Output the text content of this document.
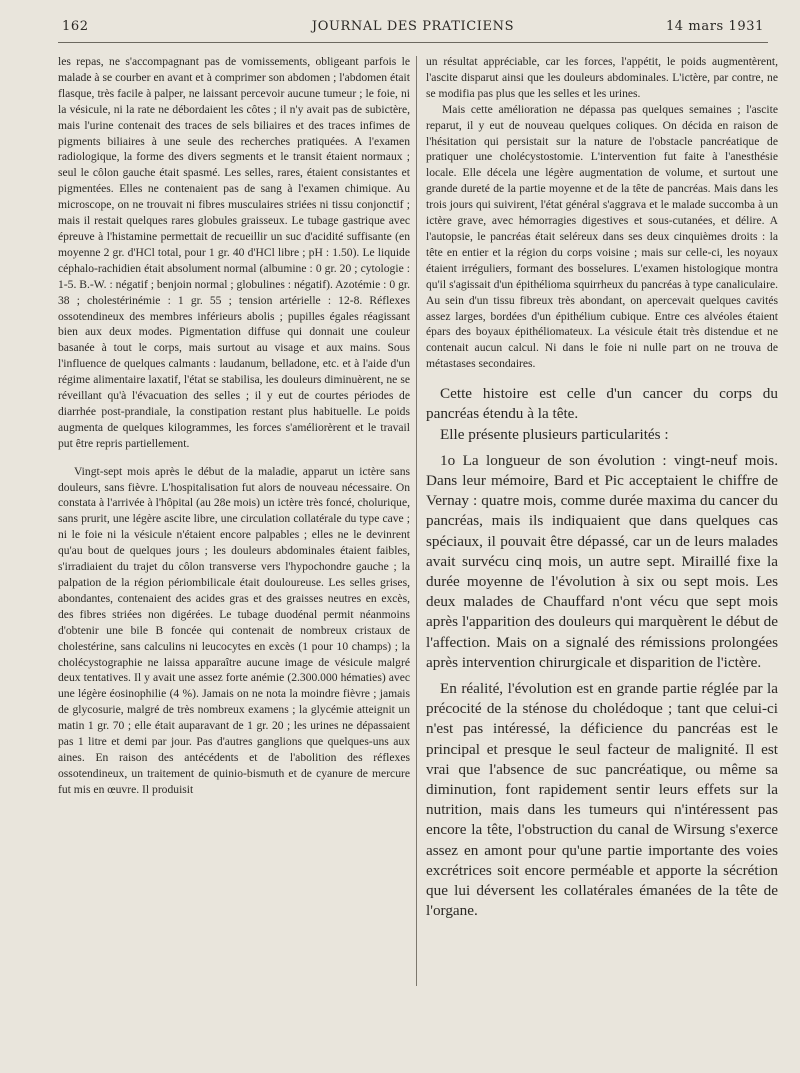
162	JOURNAL DES PRATICIENS	14 mars 1931

les repas, ne s'accompagnant pas de vomissements, obligeant parfois le malade à se courber en avant et à comprimer son abdomen ; l'abdomen était flasque, très facile à palper, ne laissant percevoir aucune tumeur ; le foie, ni la vésicule, ni la rate ne débordaient les côtes ; il n'y avait pas de subictère, mais l'urine contenait des traces de sels biliaires et des traces infimes de pigments biliaires à une seule des recherches pratiquées. A l'examen radiologique, la forme des divers segments et le transit étaient normaux ; seul le côlon gauche était spasmé. Les selles, rares, étaient consistantes et pigmentées. Elles ne contenaient pas de sang à l'examen chimique. Au microscope, on ne trouvait ni fibres musculaires striées ni tissu conjonctif ; mais il restait quelques rares globules graisseux. Le tubage gastrique avec épreuve à l'histamine permettait de recueillir un suc d'acidité suffisante (en moyenne 2 gr. d'HCl total, pour 1 gr. 40 d'HCl libre ; pH : 1.50). Le liquide céphalo-rachidien était absolument normal (albumine : 0 gr. 20 ; cytologie : 1-5. B.-W. : négatif ; benjoin normal ; globulines : négatif). Azotémie : 0 gr. 38 ; cholestérinémie : 1 gr. 55 ; tension artérielle : 12-8. Réflexes ossotendineux des membres inférieurs abolis ; pupilles égales réagissant bien aux deux modes. Pigmentation diffuse qui donnait une couleur basanée à tout le corps, mais surtout au visage et aux mains. Sous l'influence de quelques calmants : laudanum, belladone, etc. et à l'aide d'un régime alimentaire laxatif, l'état se stabilisa, les douleurs diminuèrent, ne se réveillant qu'à l'évacuation des selles ; il y eut de courtes périodes de diarrhée post-prandiale, la constipation restant plus habituelle. Le poids augmenta de quelques kilogrammes, les forces s'améliorèrent et le travail put être repris partiellement.

Vingt-sept mois après le début de la maladie, apparut un ictère sans douleurs, sans fièvre. L'hospitalisation fut alors de nouveau nécessaire. On constata à l'arrivée à l'hôpital (au 28e mois) un ictère très foncé, cholurique, sans prurit, une légère ascite libre, une circulation collatérale du type cave ; ni le foie ni la vésicule n'étaient encore palpables ; elles ne le devinrent qu'au bout de quelques jours ; les douleurs abdominales étaient faibles, s'irradiaient du trajet du côlon transverse vers l'hypochondre gauche ; la palpation de la région périombilicale était douloureuse. Les selles grises, abondantes, contenaient des acides gras et des graisses neutres en excès, des fibres striées non digérées. Le tubage duodénal permit néanmoins d'obtenir une bile B foncée qui contenait de nombreux cristaux de cholestérine, sans calculins ni leucocytes en excès (1 pour 10 champs) ; la cholécystographie ne laissa apparaître aucune image de vésicule malgré deux tentatives. Il y avait une assez forte anémie (2.300.000 hématies) avec une légère éosinophilie (4 %). Jamais on ne nota la moindre fièvre ; jamais de glycosurie, malgré de très nombreux examens ; la glycémie atteignit un matin 1 gr. 70 ; elle était auparavant de 1 gr. 20 ; les urines ne dépassaient pas 1 litre et demi par jour. Pas d'autres ganglions que quelques-uns aux aines. En raison des antécédents et de l'abolition des réflexes ossotendineux, un traitement de quinio-bismuth et de cyanure de mercure fut mis en œuvre. Il produisit

un résultat appréciable, car les forces, l'appétit, le poids augmentèrent, l'ascite disparut ainsi que les douleurs abdominales. L'ictère, par contre, ne se modifia pas plus que les selles et les urines.

Mais cette amélioration ne dépassa pas quelques semaines ; l'ascite reparut, il y eut de nouveau quelques coliques. On décida en raison de l'hésitation qui persistait sur la nature de l'obstacle pancréatique de pratiquer une cholécystostomie. L'intervention fut faite à l'anesthésie locale. Elle décela une légère augmentation de volume, et surtout une grande dureté de la partie moyenne et de la tête de pancréas. Mais dans les trois jours qui suivirent, l'état général s'aggrava et le malade succomba à un ictère grave, avec hémorragies digestives et sous-cutanées, et délire. A l'autopsie, le pancréas était seléreux dans ses deux cinquièmes droits : la tête en entier et la région du corps voisine ; mais sur celle-ci, les noyaux étaient irréguliers, formant des bosselures. L'examen histologique montra qu'il s'agissait d'un épithélioma squirrheux du pancréas à type canaliculaire. Au sein d'un tissu fibreux très abondant, on apercevait quelques cavités assez larges, bordées d'un épithélium cubique. Entre ces alvéoles étaient épars des boyaux épithéliomateux. La vésicule était très distendue et ne contenait aucun calcul. Ni dans le foie ni nulle part on ne trouva de métastases secondaires.

Cette histoire est celle d'un cancer du corps du pancréas étendu à la tête.

Elle présente plusieurs particularités :

1o La longueur de son évolution : vingt-neuf mois. Dans leur mémoire, Bard et Pic acceptaient le chiffre de Vernay : quatre mois, comme durée maxima du cancer du pancréas, mais ils indiquaient que dans quelques cas spéciaux, il pouvait être dépassé, car un de leurs malades avait survécu cinq mois, un autre sept. Miraillé fixe la durée moyenne de l'évolution à six ou sept mois. Les deux malades de Chauffard n'ont vécu que sept mois après l'apparition des douleurs qui marquèrent le début de l'affection. Mais on a signalé des rémissions prolongées après intervention chirurgicale et disparition de l'ictère.

En réalité, l'évolution est en grande partie réglée par la précocité de la sténose du cholédoque ; tant que celui-ci n'est pas intéressé, la déficience du pancréas est le principal et presque le seul facteur de malignité. Il est vrai que l'absence de suc pancréatique, ou même sa diminution, font rapidement sentir leurs effets sur la nutrition, mais dans les tumeurs qui n'intéressent pas encore la tête, l'obstruction du canal de Wirsung s'exerce assez en amont pour qu'une partie importante des voies excrétrices soit encore perméable et apporte la sécrétion que lui déversent les collatérales émanées de la tête de l'organe.
